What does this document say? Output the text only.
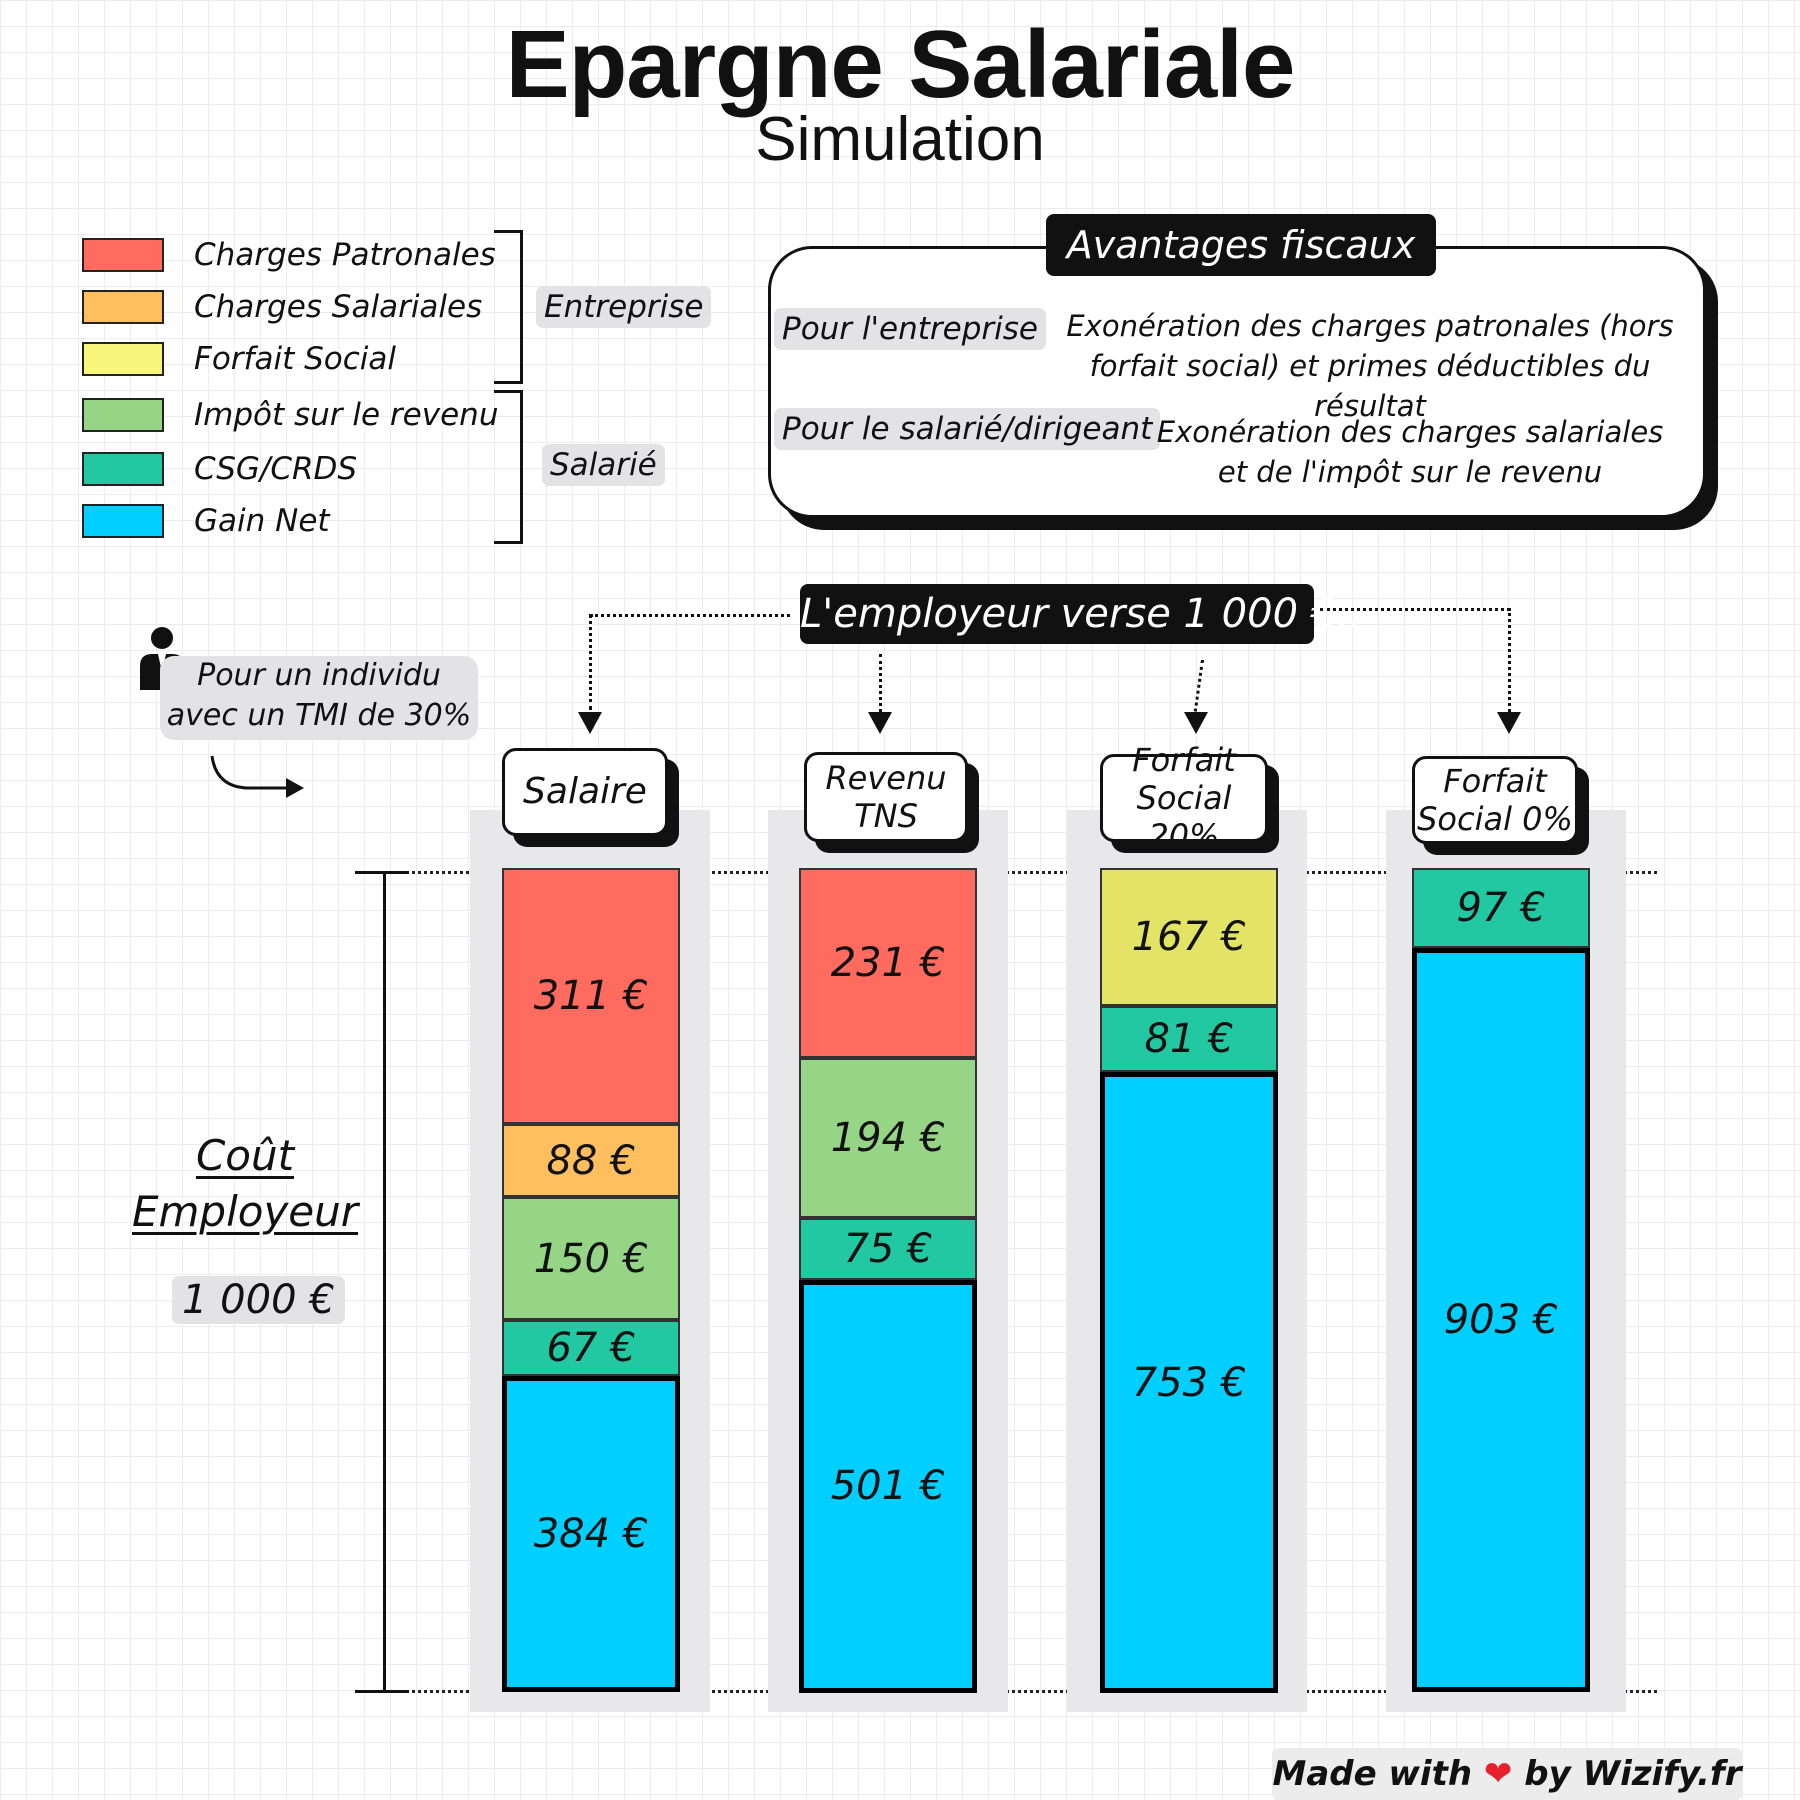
Epargne Salariale
Simulation
Charges Patronales
Charges Salariales
Forfait Social
Impôt sur le revenu
CSG/CRDS
Gain Net
Entreprise
Salarié
Avantages fiscaux
Pour l'entreprise Exonération des charges patronales (hors forfait social) et primes déductibles du résultat
Pour le salarié/dirigeant Exonération des charges salariales et de l'impôt sur le revenu
L'employeur verse 1 000 €..
Pour un individu avec un TMI de 30%
Coût
Employeur
1 000 €
Salaire
311 €
88 €
150 €
67 €
384 €
Revenu
TNS
231 €
194 €
75 €
501 €
Forfait
Social 20%
167 €
81 €
753 €
Forfait
Social 0%
97 €
903 €
Made with ❤ by Wizify.fr
